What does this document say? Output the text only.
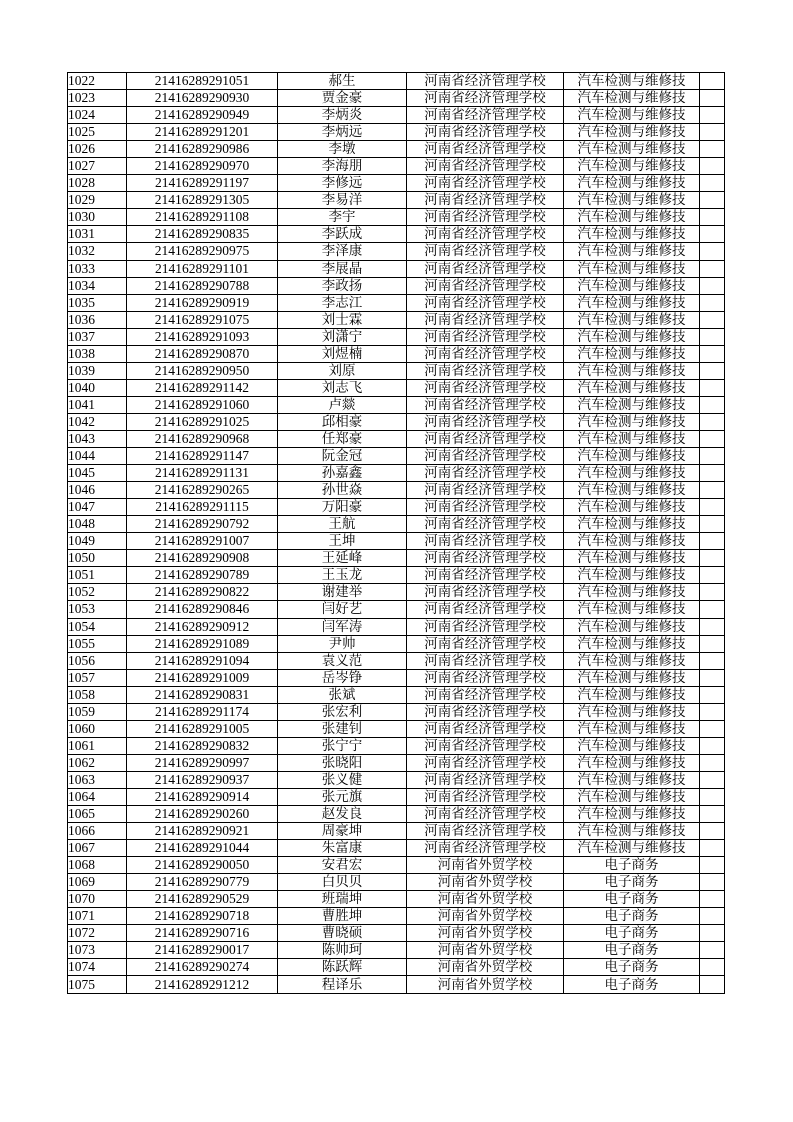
1022	21416289291051	郝生	河南省经济管理学校	汽车检测与维修技	
1023	21416289290930	贾金豪	河南省经济管理学校	汽车检测与维修技	
1024	21416289290949	李炳炎	河南省经济管理学校	汽车检测与维修技	
1025	21416289291201	李炳远	河南省经济管理学校	汽车检测与维修技	
1026	21416289290986	李墩	河南省经济管理学校	汽车检测与维修技	
1027	21416289290970	李海朋	河南省经济管理学校	汽车检测与维修技	
1028	21416289291197	李修远	河南省经济管理学校	汽车检测与维修技	
1029	21416289291305	李易洋	河南省经济管理学校	汽车检测与维修技	
1030	21416289291108	李宇	河南省经济管理学校	汽车检测与维修技	
1031	21416289290835	李跃成	河南省经济管理学校	汽车检测与维修技	
1032	21416289290975	李泽康	河南省经济管理学校	汽车检测与维修技	
1033	21416289291101	李展晶	河南省经济管理学校	汽车检测与维修技	
1034	21416289290788	李政扬	河南省经济管理学校	汽车检测与维修技	
1035	21416289290919	李志江	河南省经济管理学校	汽车检测与维修技	
1036	21416289291075	刘士霖	河南省经济管理学校	汽车检测与维修技	
1037	21416289291093	刘潇宁	河南省经济管理学校	汽车检测与维修技	
1038	21416289290870	刘煜楠	河南省经济管理学校	汽车检测与维修技	
1039	21416289290950	刘原	河南省经济管理学校	汽车检测与维修技	
1040	21416289291142	刘志飞	河南省经济管理学校	汽车检测与维修技	
1041	21416289291060	卢燚	河南省经济管理学校	汽车检测与维修技	
1042	21416289291025	邱相豪	河南省经济管理学校	汽车检测与维修技	
1043	21416289290968	任郑豪	河南省经济管理学校	汽车检测与维修技	
1044	21416289291147	阮金冠	河南省经济管理学校	汽车检测与维修技	
1045	21416289291131	孙嘉鑫	河南省经济管理学校	汽车检测与维修技	
1046	21416289290265	孙世焱	河南省经济管理学校	汽车检测与维修技	
1047	21416289291115	万阳豪	河南省经济管理学校	汽车检测与维修技	
1048	21416289290792	王航	河南省经济管理学校	汽车检测与维修技	
1049	21416289291007	王坤	河南省经济管理学校	汽车检测与维修技	
1050	21416289290908	王延峰	河南省经济管理学校	汽车检测与维修技	
1051	21416289290789	王玉龙	河南省经济管理学校	汽车检测与维修技	
1052	21416289290822	谢建举	河南省经济管理学校	汽车检测与维修技	
1053	21416289290846	闫好艺	河南省经济管理学校	汽车检测与维修技	
1054	21416289290912	闫军涛	河南省经济管理学校	汽车检测与维修技	
1055	21416289291089	尹帅	河南省经济管理学校	汽车检测与维修技	
1056	21416289291094	袁义范	河南省经济管理学校	汽车检测与维修技	
1057	21416289291009	岳岑铮	河南省经济管理学校	汽车检测与维修技	
1058	21416289290831	张斌	河南省经济管理学校	汽车检测与维修技	
1059	21416289291174	张宏利	河南省经济管理学校	汽车检测与维修技	
1060	21416289291005	张建钊	河南省经济管理学校	汽车检测与维修技	
1061	21416289290832	张宁宁	河南省经济管理学校	汽车检测与维修技	
1062	21416289290997	张晓阳	河南省经济管理学校	汽车检测与维修技	
1063	21416289290937	张义健	河南省经济管理学校	汽车检测与维修技	
1064	21416289290914	张元旗	河南省经济管理学校	汽车检测与维修技	
1065	21416289290260	赵发良	河南省经济管理学校	汽车检测与维修技	
1066	21416289290921	周豪坤	河南省经济管理学校	汽车检测与维修技	
1067	21416289291044	朱富康	河南省经济管理学校	汽车检测与维修技	
1068	21416289290050	安君宏	河南省外贸学校	电子商务	
1069	21416289290779	白贝贝	河南省外贸学校	电子商务	
1070	21416289290529	班瑞坤	河南省外贸学校	电子商务	
1071	21416289290718	曹胜坤	河南省外贸学校	电子商务	
1072	21416289290716	曹晓硕	河南省外贸学校	电子商务	
1073	21416289290017	陈帅珂	河南省外贸学校	电子商务	
1074	21416289290274	陈跃辉	河南省外贸学校	电子商务	
1075	21416289291212	程译乐	河南省外贸学校	电子商务	
